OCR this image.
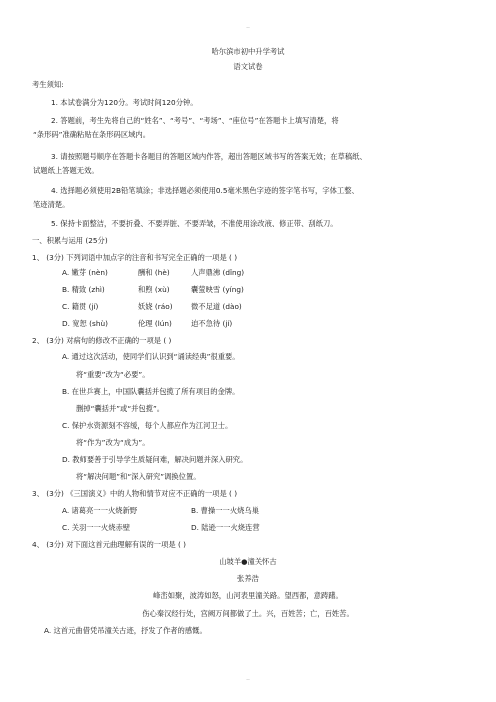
..
哈尔滨市初中升学考试
语文试卷
考生须知:
1. 本试卷满分为120分。考试时间120分钟。
2. 答题前，考生先将自己的“姓名”、“考号”、“考场”、“座位号”在答题卡上填写清楚，将
“条形码”准确粘贴在条形码区域内。
3. 请按照题号顺序在答题卡各题目的答题区域内作答，超出答题区域书写的答案无效；在草稿纸、
试题纸上答题无效。
4. 选择题必须使用2B铅笔填涂；非选择题必须使用0.5毫米黑色字迹的签字笔书写，字体工整、
笔迹清楚。
5. 保持卡面整洁，不要折叠、不要弄脏、不要弄皱，不准使用涂改液、修正带、刮纸刀。
一、积累与运用 (25分)
1、 (3分) 下列词语中加点字的注音和书写完全正确的一项是 ( )
A. 嫩芽 (nèn)	酬和 (hè)	人声鼎沸 (dǐng)
B. 精致 (zhì)	和煦 (xù)	囊萤映雪 (yíng)
C. 籍贯 (jí)	妖娆 (ráo)	微不足道 (dào)
D. 宽恕 (shù)	伦理 (lún)	迫不急待 (jí)
2、 (3分) 对病句的修改不正确的一项是 ( )
A. 通过这次活动，使同学们认识到“诵读经典”很重要。
将“重要”改为“必要”。
B. 在世乒赛上，中国队囊括并包揽了所有项目的金牌。
删掉“囊括并”或“并包揽”。
C. 保护水资源刻不容缓，每个人都应作为江河卫士。
将“作为”改为“成为”。
D. 教师要善于引导学生质疑问难，解决问题并深入研究。
将“解决问题”和“深入研究”调换位置。
3、 (3分) 《三国演义》中的人物和情节对应不正确的一项是 ( )
A. 诸葛亮一一火烧新野	B. 曹操一一火烧乌巢
C. 关羽一一火烧赤壁	D. 陆逊一一火烧连营
4、 (3分) 对下面这首元曲理解有误的一项是 ( )
山坡羊●潼关怀古
张养浩
峰峦如聚，波涛如怒，山河表里潼关路。望西都，意踌躇。
伤心秦汉经行处，宫阙万间都做了土。兴，百姓苦；亡，百姓苦。
A. 这首元曲借凭吊潼关古迹，抒发了作者的感慨。
..
